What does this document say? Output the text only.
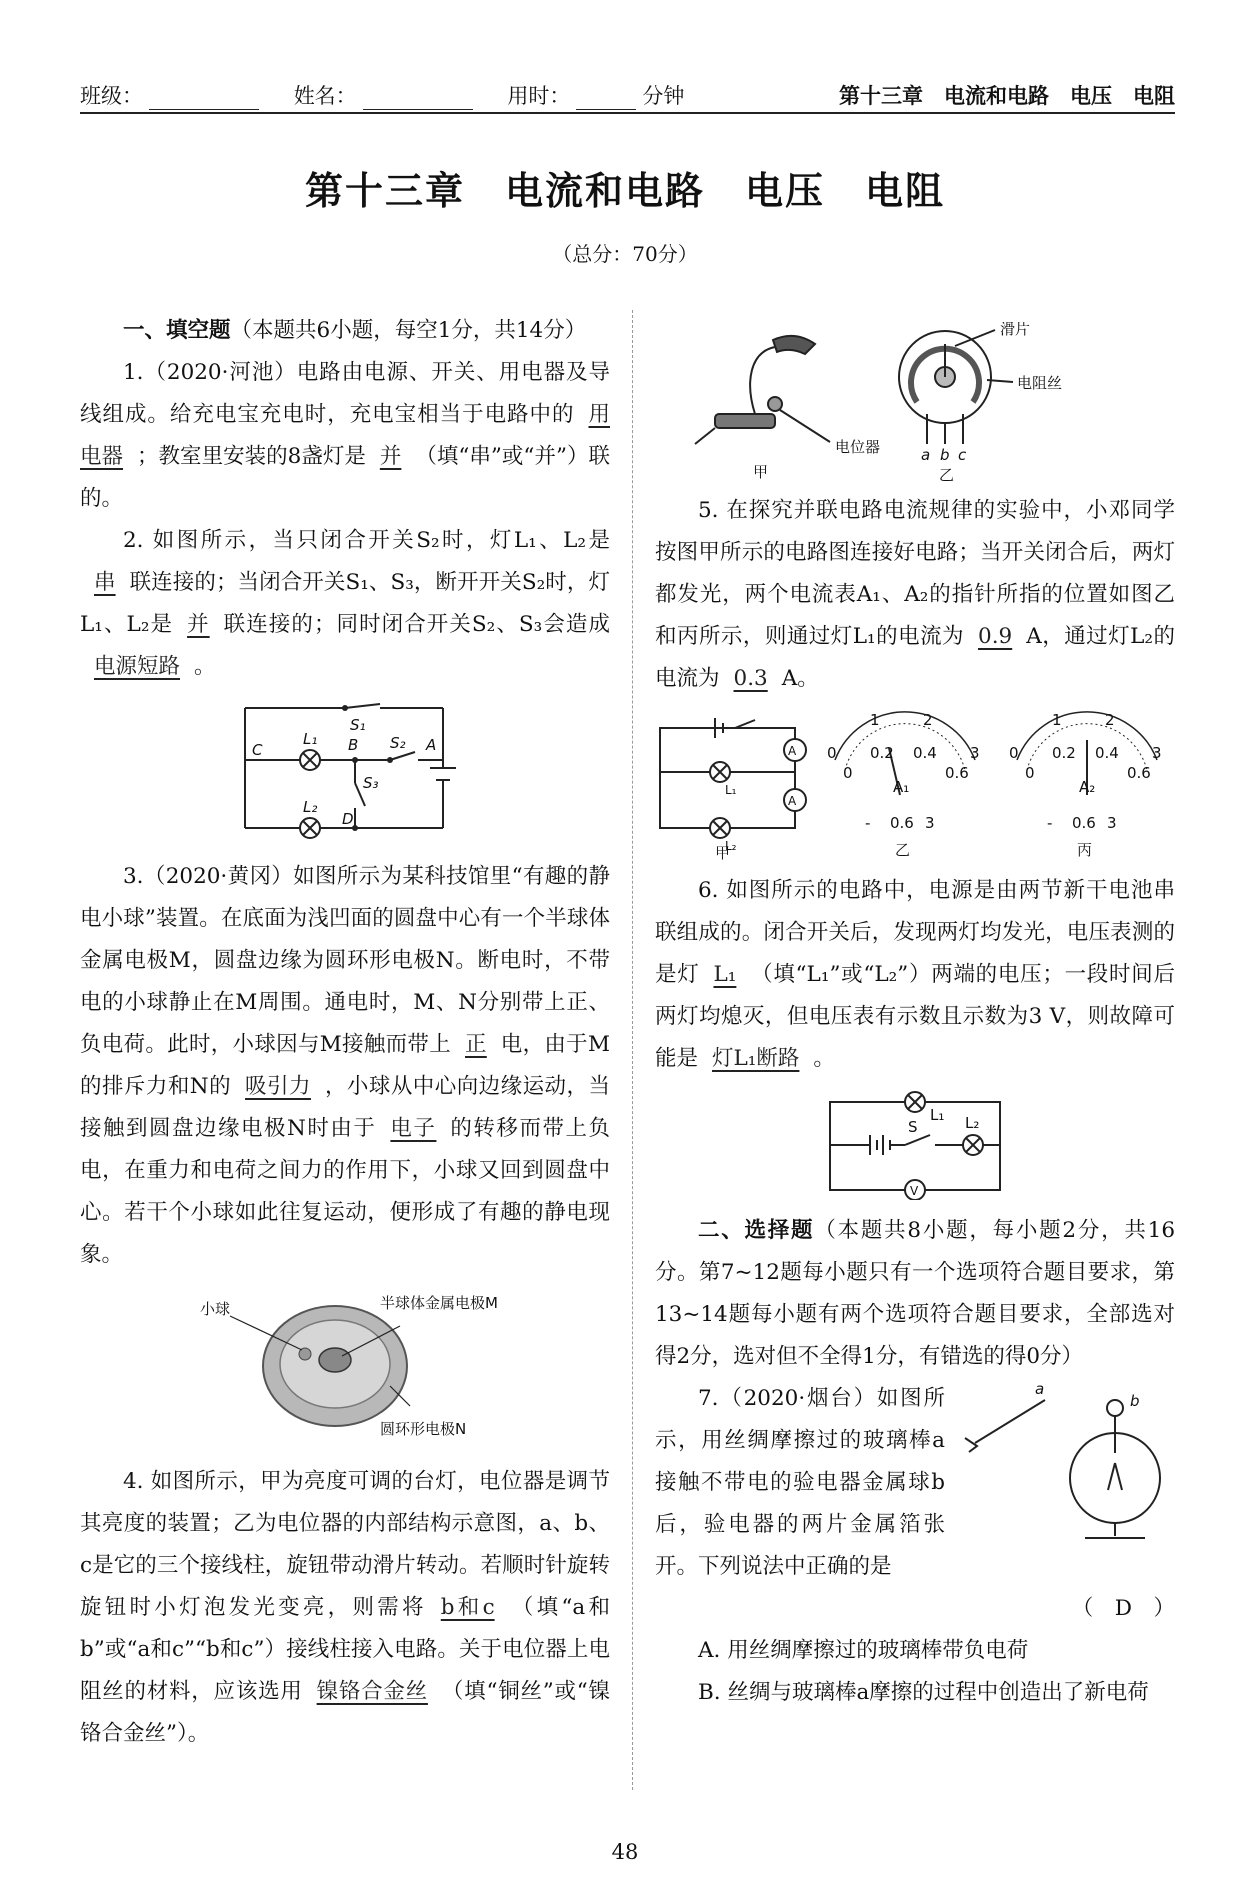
班级：	姓名：	用时：	分钟	第十三章　电流和电路　电压　电阻
第十三章　电流和电路　电压　电阻
（总分：70分）

一、填空题（本题共6小题，每空1分，共14分）

1.（2020·河池）电路由电源、开关、用电器及导线组成。给充电宝充电时，充电宝相当于电路中的 用电器 ；教室里安装的8盏灯是 并 （填“串”或“并”）联的。

2. 如图所示，当只闭合开关S₂时，灯L₁、L₂是串 联连接的；当闭合开关S₁、S₃，断开开关S₂时，灯L₁、L₂是 并 联连接的；同时闭合开关S₂、S₃会造成电源短路 。

S₁
L₁
L₂
S₂
S₃
C	B	A
D

3.（2020·黄冈）如图所示为某科技馆里“有趣的静电小球”装置。在底面为浅凹面的圆盘中心有一个半球体金属电极M，圆盘边缘为圆环形电极N。断电时，不带电的小球静止在M周围。通电时，M、N分别带上正、负电荷。此时，小球因与M接触而带上 正 电，由于M的排斥力和N的 吸引力 ，小球从中心向边缘运动，当接触到圆盘边缘电极N时由于 电子 的转移而带上负电，在重力和电荷之间力的作用下，小球又回到圆盘中心。若干个小球如此往复运动，便形成了有趣的静电现象。

小球	半球体金属电极M
圆环形电极N

4. 如图所示，甲为亮度可调的台灯，电位器是调节其亮度的装置；乙为电位器的内部结构示意图，a、b、c是它的三个接线柱，旋钮带动滑片转动。若顺时针旋转旋钮时小灯泡发光变亮，则需将 b和c （填“a和b”或“a和c”“b和c”）接线柱接入电路。关于电位器上电阻丝的材料，应该选用 镍铬合金丝 （填“铜丝”或“镍铬合金丝”）。

滑片
电阻丝
电位器
甲	乙
a b c

5. 在探究并联电路电流规律的实验中，小邓同学按图甲所示的电路图连接好电路；当开关闭合后，两灯都发光，两个电流表A₁、A₂的指针所指的位置如图乙和丙所示，则通过灯L₁的电流为 0.9 A，通过灯L₂的电流为 0.3 A。

A
A
L₁
L₂
甲
1	2
0	3
0
0.2 0.4
0.6
A₁
- 0.6 3
乙
1	2
0	3
0
0.2 0.4
0.6
A₂
- 0.6 3
丙

6. 如图所示的电路中，电源是由两节新干电池串联组成的。闭合开关后，发现两灯均发光，电压表测的是灯 L₁ （填“L₁”或“L₂”）两端的电压；一段时间后两灯均熄灭，但电压表有示数且示数为3 V，则故障可能是 灯L₁断路 。

S
L₁ L₂
V

二、选择题（本题共8小题，每小题2分，共16分。第7~12题每小题只有一个选项符合题目要求，第13~14题每小题有两个选项符合题目要求，全部选对得2分，选对但不全得1分，有错选的得0分）

a
b

7.（2020·烟台）如图所示，用丝绸摩擦过的玻璃棒a接触不带电的验电器金属球b后，验电器的两片金属箔张开。下列说法中正确的是

（　D　）

A. 用丝绸摩擦过的玻璃棒带负电荷

B. 丝绸与玻璃棒a摩擦的过程中创造出了新电荷

48
